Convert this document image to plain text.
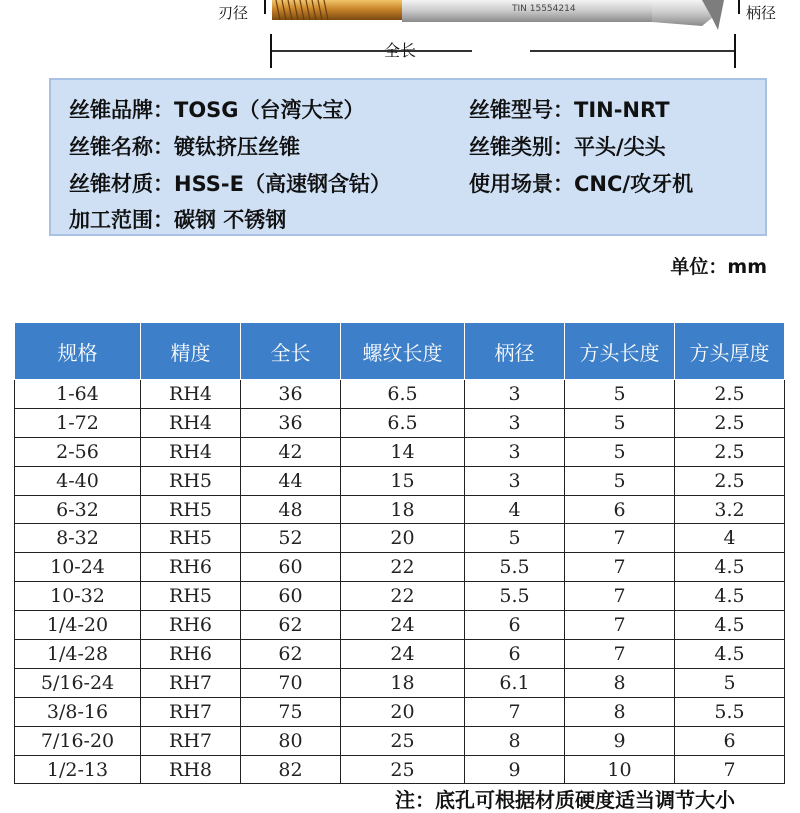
刃径	TIN 15554214	柄径
全长
丝锥品牌：TOSG（台湾大宝）	丝锥型号：TIN-NRT
丝锥名称：镀钛挤压丝锥	丝锥类别：平头/尖头
丝锥材质：HSS-E（高速钢含钴）	使用场景：CNC/攻牙机
加工范围：碳钢 不锈钢
单位：mm
规格	精度	全长	螺纹长度	柄径	方头长度	方头厚度
1-64	RH4	36	6.5	3	5	2.5
1-72	RH4	36	6.5	3	5	2.5
2-56	RH4	42	14	3	5	2.5
4-40	RH5	44	15	3	5	2.5
6-32	RH5	48	18	4	6	3.2
8-32	RH5	52	20	5	7	4
10-24	RH6	60	22	5.5	7	4.5
10-32	RH5	60	22	5.5	7	4.5
1/4-20	RH6	62	24	6	7	4.5
1/4-28	RH6	62	24	6	7	4.5
5/16-24	RH7	70	18	6.1	8	5
3/8-16	RH7	75	20	7	8	5.5
7/16-20	RH7	80	25	8	9	6
1/2-13	RH8	82	25	9	10	7
注：底孔可根据材质硬度适当调节大小
